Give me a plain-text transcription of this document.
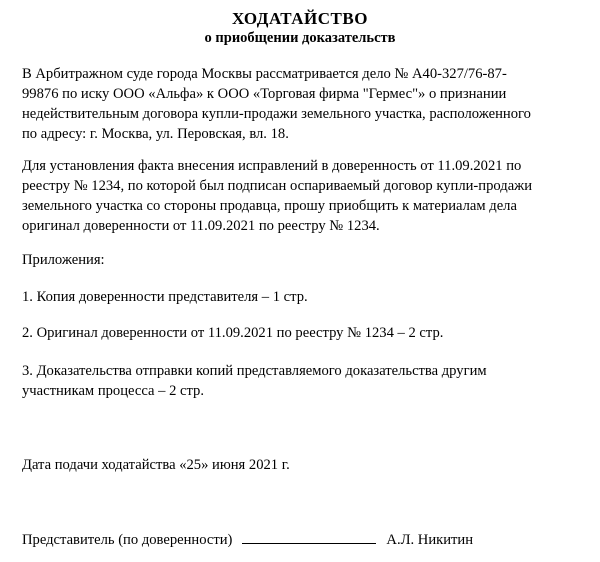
ХОДАТАЙСТВО
о приобщении доказательств

В Арбитражном суде города Москвы рассматривается дело № А40-327/76-87-
99876 по иску ООО «Альфа» к ООО «Торговая фирма "Гермес"» о признании
недействительным договора купли-продажи земельного участка, расположенного
по адресу: г. Москва, ул. Перовская, вл. 18.

Для установления факта внесения исправлений в доверенность от 11.09.2021 по
реестру № 1234, по которой был подписан оспариваемый договор купли-продажи
земельного участка со стороны продавца, прошу приобщить к материалам дела
оригинал доверенности от 11.09.2021 по реестру № 1234.

Приложения:

1. Копия доверенности представителя – 1 стр.

2. Оригинал доверенности от 11.09.2021 по реестру № 1234 – 2 стр.

3. Доказательства отправки копий представляемого доказательства другим
участникам процесса – 2 стр.

Дата подачи ходатайства «25» июня 2021 г.

Представитель (по доверенности)	А.Л. Никитин
